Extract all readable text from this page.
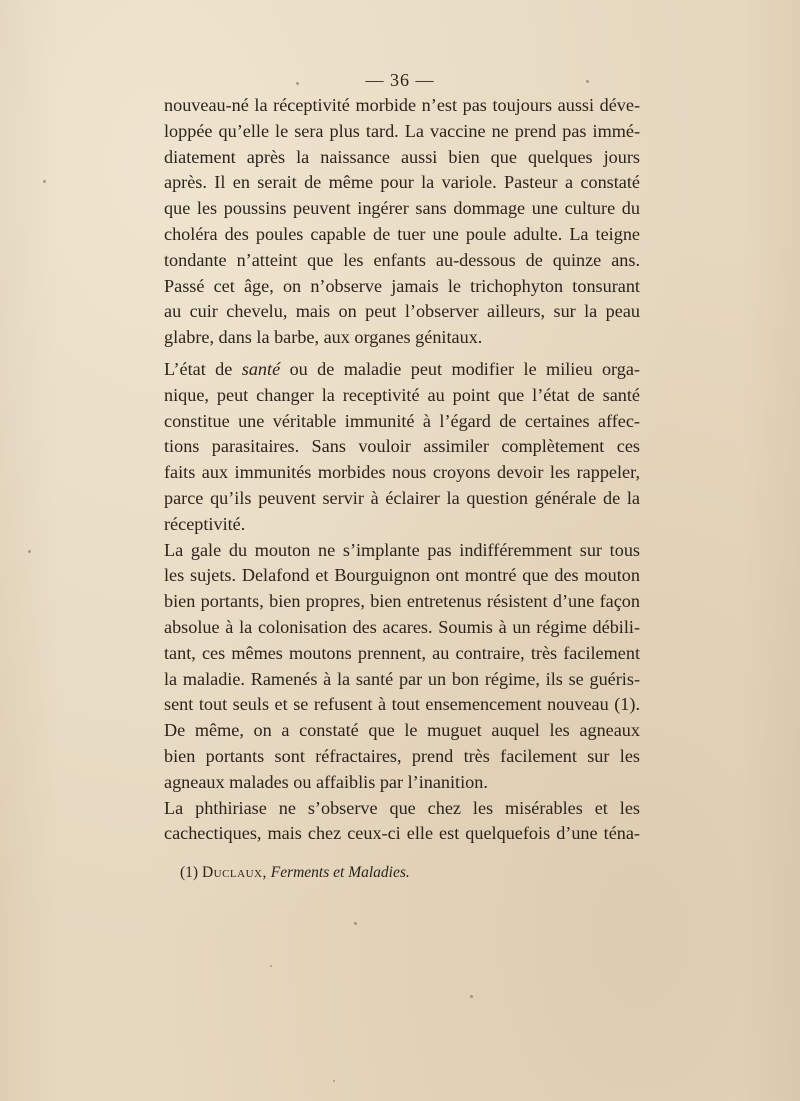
— 36 —
nouveau-né la réceptivité morbide n’est pas toujours aussi déve-
loppée qu’elle le sera plus tard. La vaccine ne prend pas immé-
diatement après la naissance aussi bien que quelques jours
après. Il en serait de même pour la variole. Pasteur a constaté
que les poussins peuvent ingérer sans dommage une culture du
choléra des poules capable de tuer une poule adulte. La teigne
tondante n’atteint que les enfants au-dessous de quinze ans.
Passé cet âge, on n’observe jamais le trichophyton tonsurant
au cuir chevelu, mais on peut l’observer ailleurs, sur la peau
glabre, dans la barbe, aux organes génitaux.
L’état de santé ou de maladie peut modifier le milieu orga-
nique, peut changer la receptivité au point que l’état de santé
constitue une véritable immunité à l’égard de certaines affec-
tions parasitaires. Sans vouloir assimiler complètement ces
faits aux immunités morbides nous croyons devoir les rappeler,
parce qu’ils peuvent servir à éclairer la question générale de la
réceptivité.
La gale du mouton ne s’implante pas indifféremment sur tous
les sujets. Delafond et Bourguignon ont montré que des mouton
bien portants, bien propres, bien entretenus résistent d’une façon
absolue à la colonisation des acares. Soumis à un régime débili-
tant, ces mêmes moutons prennent, au contraire, très facilement
la maladie. Ramenés à la santé par un bon régime, ils se guéris-
sent tout seuls et se refusent à tout ensemencement nouveau (1).
De même, on a constaté que le muguet auquel les agneaux
bien portants sont réfractaires, prend très facilement sur les
agneaux malades ou affaiblis par l’inanition.
La phthiriase ne s’observe que chez les misérables et les
cachectiques, mais chez ceux-ci elle est quelquefois d’une téna-
(1) Duclaux, Ferments et Maladies.
